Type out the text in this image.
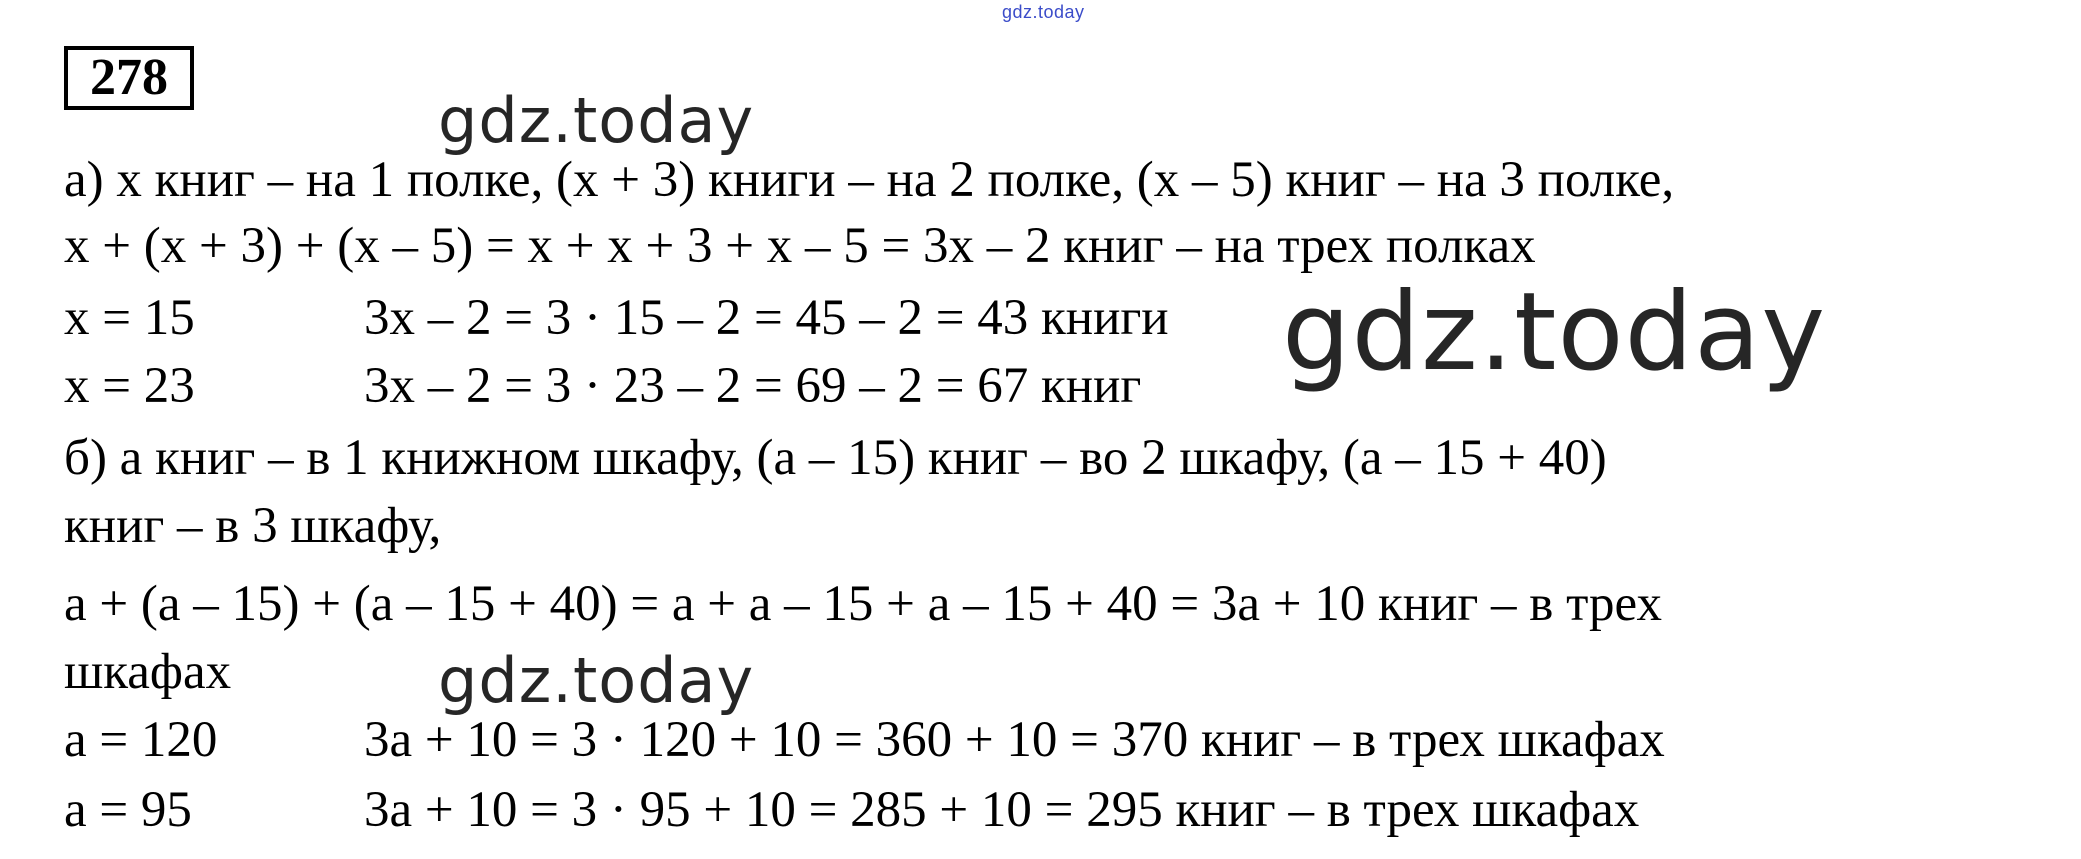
gdz.today
278
а) х книг – на 1 полке, (х + 3) книги – на 2 полке, (х – 5) книг – на 3 полке,
х + (х + 3) + (х – 5) = х + х + 3 + х – 5 = 3х – 2 книг – на трех полках
х = 15	3х – 2 = 3 · 15 – 2 = 45 – 2 = 43 книги
х = 23	3х – 2 = 3 · 23 – 2 = 69 – 2 = 67 книг
б) а книг – в 1 книжном шкафу, (а – 15) книг – во 2 шкафу, (а – 15 + 40)
книг – в 3 шкафу,
а + (а – 15) + (а – 15 + 40) = а + а – 15 + а – 15 + 40 = 3а + 10 книг – в трех
шкафах
а = 120	3а + 10 = 3 · 120 + 10 = 360 + 10 = 370 книг – в трех шкафах
а = 95	3а + 10 = 3 · 95 + 10 = 285 + 10 = 295 книг – в трех шкафах
gdz.today
gdz.today
gdz.today
